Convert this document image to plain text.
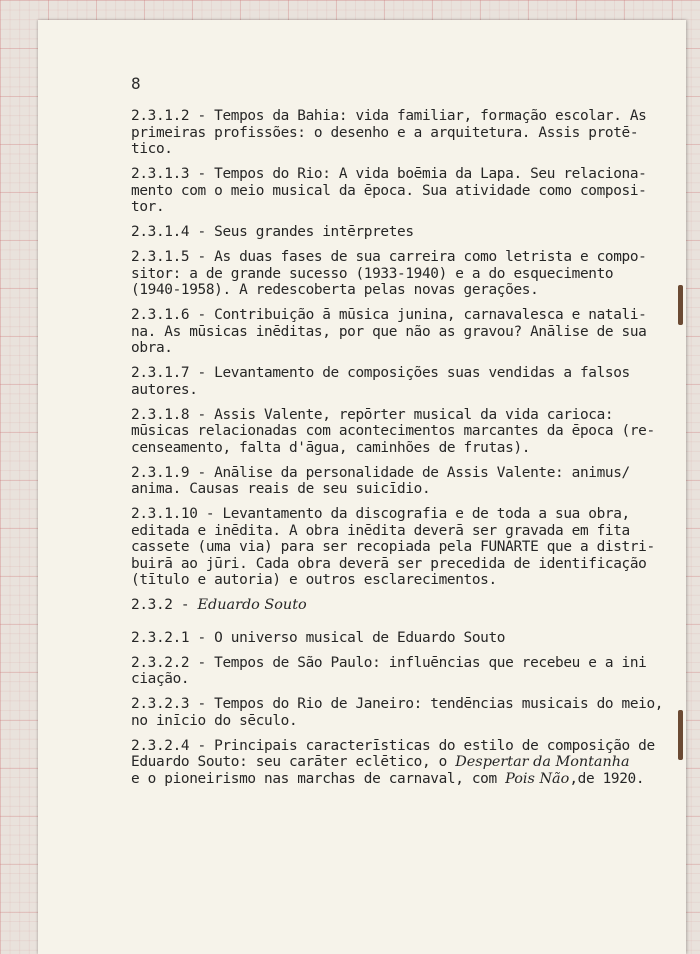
8

2.3.1.2 - Tempos da Bahia: vida familiar, formação escolar. As
primeiras profissões: o desenho e a arquitetura. Assis protē-
tico.

2.3.1.3 - Tempos do Rio: A vida boēmia da Lapa. Seu relaciona-
mento com o meio musical da ēpoca. Sua atividade como composi-
tor.

2.3.1.4 - Seus grandes intērpretes

2.3.1.5 - As duas fases de sua carreira como letrista e compo-
sitor: a de grande sucesso (1933-1940) e a do esquecimento
(1940-1958). A redescoberta pelas novas gerações.

2.3.1.6 - Contribuição ā mūsica junina, carnavalesca e natali-
na. As mūsicas inēditas, por que não as gravou? Anālise de sua
obra.

2.3.1.7 - Levantamento de composições suas vendidas a falsos
autores.

2.3.1.8 - Assis Valente, repōrter musical da vida carioca:
mūsicas relacionadas com acontecimentos marcantes da ēpoca (re-
censeamento, falta d'āgua, caminhões de frutas).

2.3.1.9 - Anālise da personalidade de Assis Valente: animus/
anima. Causas reais de seu suicīdio.

2.3.1.10 - Levantamento da discografia e de toda a sua obra,
editada e inēdita. A obra inēdita deverā ser gravada em fita
cassete (uma via) para ser recopiada pela FUNARTE que a distri-
buirā ao jūri. Cada obra deverā ser precedida de identificação
(tītulo e autoria) e outros esclarecimentos.

2.3.2 - Eduardo Souto

2.3.2.1 - O universo musical de Eduardo Souto

2.3.2.2 - Tempos de São Paulo: influēncias que recebeu e a ini
ciação.

2.3.2.3 - Tempos do Rio de Janeiro: tendēncias musicais do meio,
no inīcio do sēculo.

2.3.2.4 - Principais caracterīsticas do estilo de composição de
Eduardo Souto: seu carāter eclētico, o Despertar da Montanha
e o pioneirismo nas marchas de carnaval, com Pois Não,de 1920.
